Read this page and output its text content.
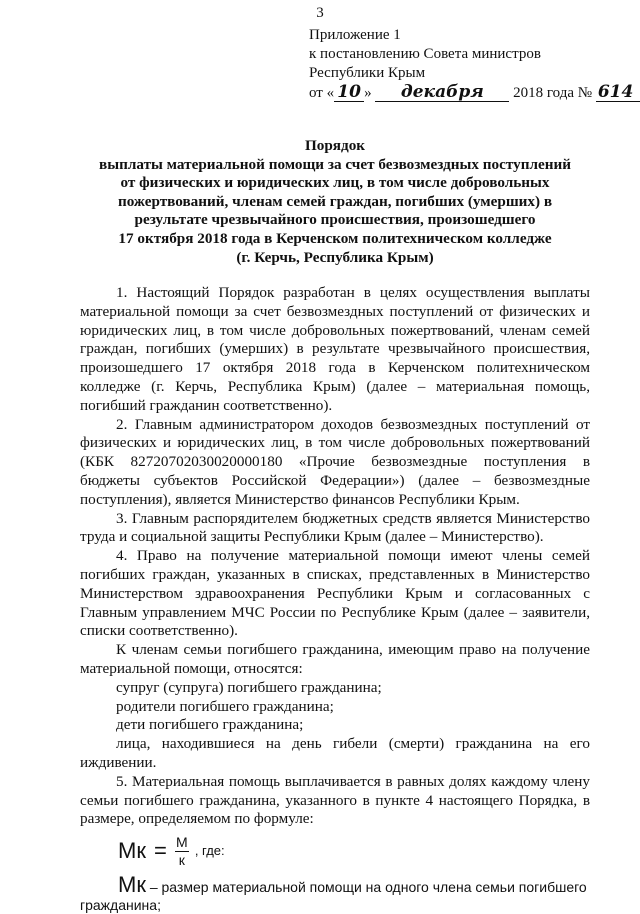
3
Приложение 1
к постановлению Совета министров
Республики Крым
от « 10 » декабря 2018 года № 614
Порядок
выплаты материальной помощи за счет безвозмездных поступлений
от физических и юридических лиц, в том числе добровольных
пожертвований, членам семей граждан, погибших (умерших) в
результате чрезвычайного происшествия, произошедшего
17 октября 2018 года в Керченском политехническом колледже
(г. Керчь, Республика Крым)

1. Настоящий Порядок разработан в целях осуществления выплаты материальной помощи за счет безвозмездных поступлений от физических и юридических лиц, в том числе добровольных пожертвований, членам семей граждан, погибших (умерших) в результате чрезвычайного происшествия, произошедшего 17 октября 2018 года в Керченском политехническом колледже (г. Керчь, Республика Крым) (далее – материальная помощь, погибший гражданин соответственно).

2. Главным администратором доходов безвозмездных поступлений от физических и юридических лиц, в том числе добровольных пожертвований (КБК 82720702030020000180 «Прочие безвозмездные поступления в бюджеты субъектов Российской Федерации») (далее – безвозмездные поступления), является Министерство финансов Республики Крым.

3. Главным распорядителем бюджетных средств является Министерство труда и социальной защиты Республики Крым (далее – Министерство).

4. Право на получение материальной помощи имеют члены семей погибших граждан, указанных в списках, представленных в Министерство Министерством здравоохранения Республики Крым и согласованных с Главным управлением МЧС России по Республике Крым (далее – заявители, списки соответственно).

К членам семьи погибшего гражданина, имеющим право на получение материальной помощи, относятся:

супруг (супруга) погибшего гражданина;

родители погибшего гражданина;

дети погибшего гражданина;

лица, находившиеся на день гибели (смерти) гражданина на его иждивении.

5. Материальная помощь выплачивается в равных долях каждому члену семьи погибшего гражданина, указанного в пункте 4 настоящего Порядка, в размере, определяемом по формуле:

Мк = $\frac{М}{к}$ , где:
Мк – размер материальной помощи на одного члена семьи погибшего
гражданина;
